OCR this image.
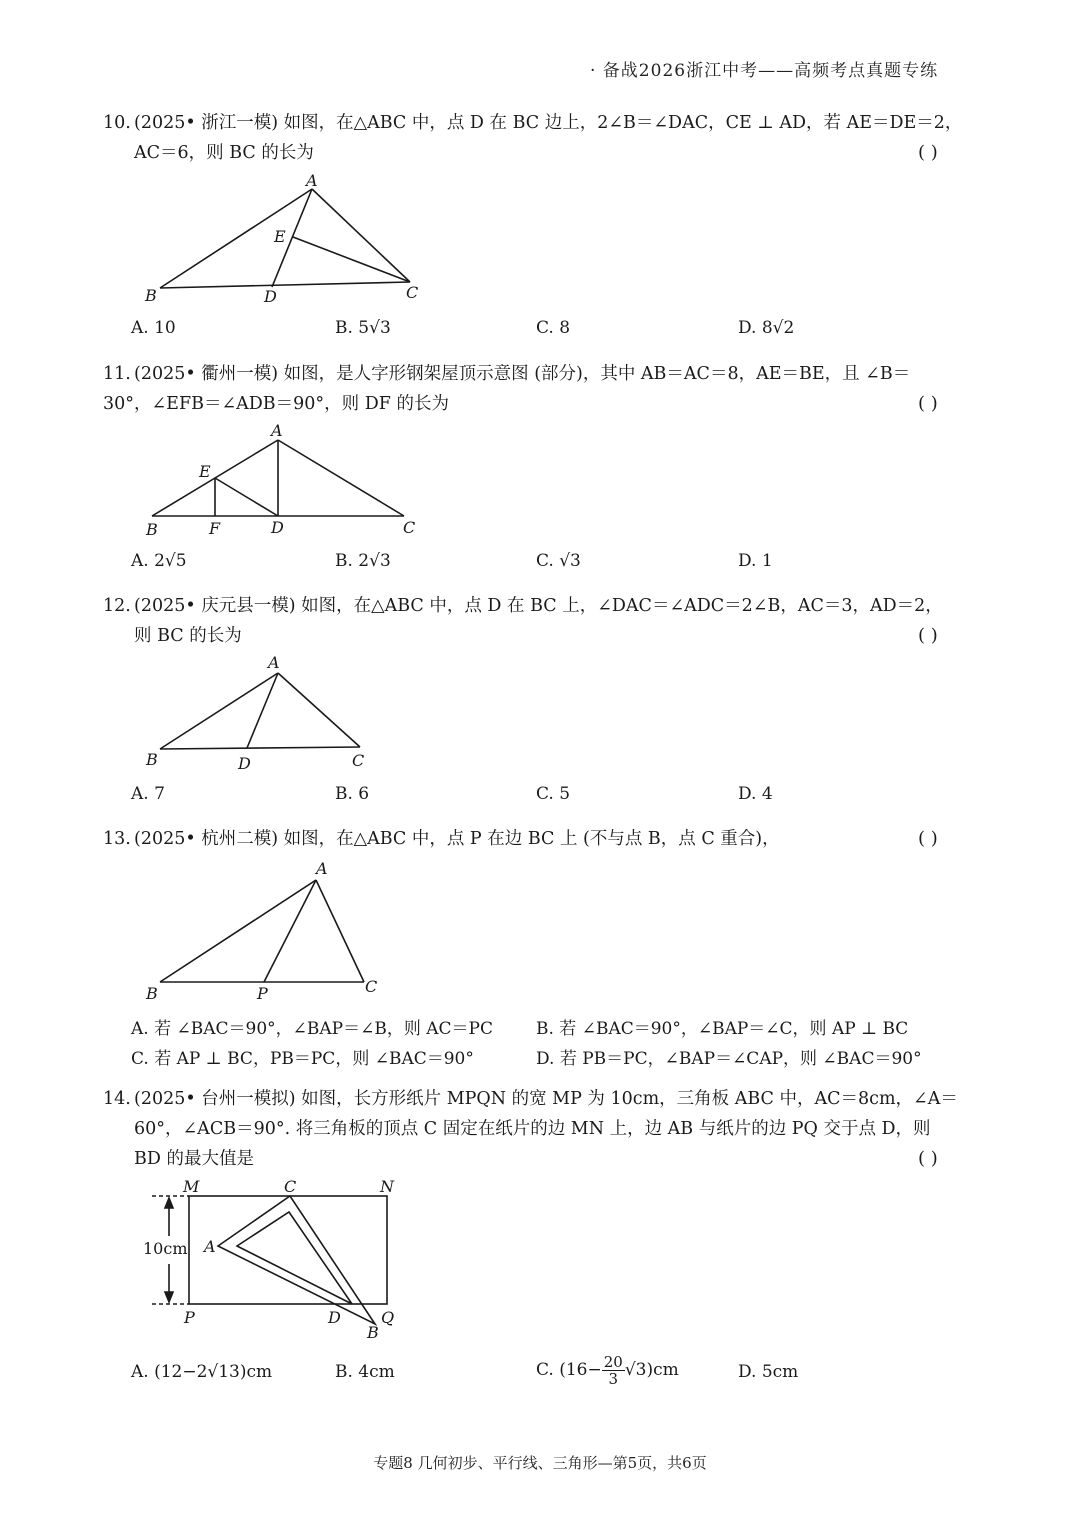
· 备战2026浙江中考——高频考点真题专练
10. (2025• 浙江一模) 如图，在△ABC 中，点 D 在 BC 边上，2∠B＝∠DAC，CE ⊥ AD，若 AE＝DE＝2，
AC＝6，则 BC 的长为	( )
A
B	C
D
E
A. 10	B. 5√3	C. 8	D. 8√2
11. (2025• 衢州一模) 如图，是人字形钢架屋顶示意图 (部分)，其中 AB＝AC＝8，AE＝BE，且 ∠B＝
30°，∠EFB＝∠ADB＝90°，则 DF 的长为	( )
A
B	C
D
E
F
A. 2√5	B. 2√3	C. √3	D. 1
12. (2025• 庆元县一模) 如图，在△ABC 中，点 D 在 BC 上，∠DAC＝∠ADC＝2∠B，AC＝3，AD＝2，
则 BC 的长为	( )
A
B	C
D
A. 7	B. 6	C. 5	D. 4
13. (2025• 杭州二模) 如图，在△ABC 中，点 P 在边 BC 上 (不与点 B，点 C 重合)，	( )
A
B	C
P
A. 若 ∠BAC＝90°，∠BAP＝∠B，则 AC＝PC	B. 若 ∠BAC＝90°，∠BAP＝∠C，则 AP ⊥ BC
C. 若 AP ⊥ BC，PB＝PC，则 ∠BAC＝90°	D. 若 PB＝PC，∠BAP＝∠CAP，则 ∠BAC＝90°
14. (2025• 台州一模拟) 如图，长方形纸片 MPQN 的宽 MP 为 10cm，三角板 ABC 中，AC＝8cm，∠A＝
60°，∠ACB＝90°. 将三角板的顶点 C 固定在纸片的边 MN 上，边 AB 与纸片的边 PQ 交于点 D，则
BD 的最大值是	( )
M	N
C
A
P	D	Q
B
10cm
A. (12−2√13)cm	B. 4cm	C. $(16- \frac{20}{3} √3)cm$	D. 5cm
专题8 几何初步、平行线、三角形—第5页，共6页
